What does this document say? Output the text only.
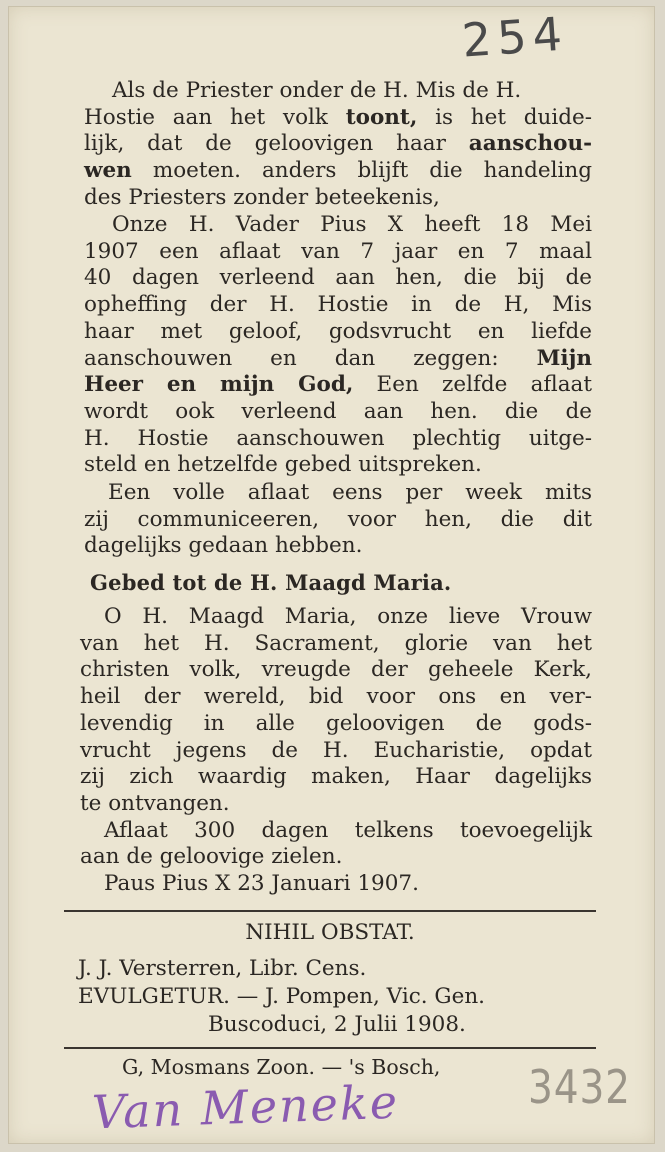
254
Als de Priester onder de H. Mis de H.
Hostie aan het volk toont, is het duide-
lijk, dat de geloovigen haar aanschou-
wen moeten. anders blijft die handeling
des Priesters zonder beteekenis,
Onze H. Vader Pius X heeft 18 Mei
1907 een aflaat van 7 jaar en 7 maal
40 dagen verleend aan hen, die bij de
opheffing der H. Hostie in de H, Mis
haar met geloof, godsvrucht en liefde
aanschouwen en dan zeggen: Mijn
Heer en mijn God, Een zelfde aflaat
wordt ook verleend aan hen. die de
H. Hostie aanschouwen plechtig uitge-
steld en hetzelfde gebed uitspreken.
Een volle aflaat eens per week mits
zij communiceeren, voor hen, die dit
dagelijks gedaan hebben.
Gebed tot de H. Maagd Maria.
O H. Maagd Maria, onze lieve Vrouw
van het H. Sacrament, glorie van het
christen volk, vreugde der geheele Kerk,
heil der wereld, bid voor ons en ver-
levendig in alle geloovigen de gods-
vrucht jegens de H. Eucharistie, opdat
zij zich waardig maken, Haar dagelijks
te ontvangen.
Aflaat 300 dagen telkens toevoegelijk
aan de geloovige zielen.
Paus Pius X 23 Januari 1907.
NIHIL OBSTAT.
J. J. Versterren, Libr. Cens.
EVULGETUR. — J. Pompen, Vic. Gen.
Buscoduci, 2 Julii 1908.
G, Mosmans Zoon. — 's Bosch, 3432
Van Meneke
